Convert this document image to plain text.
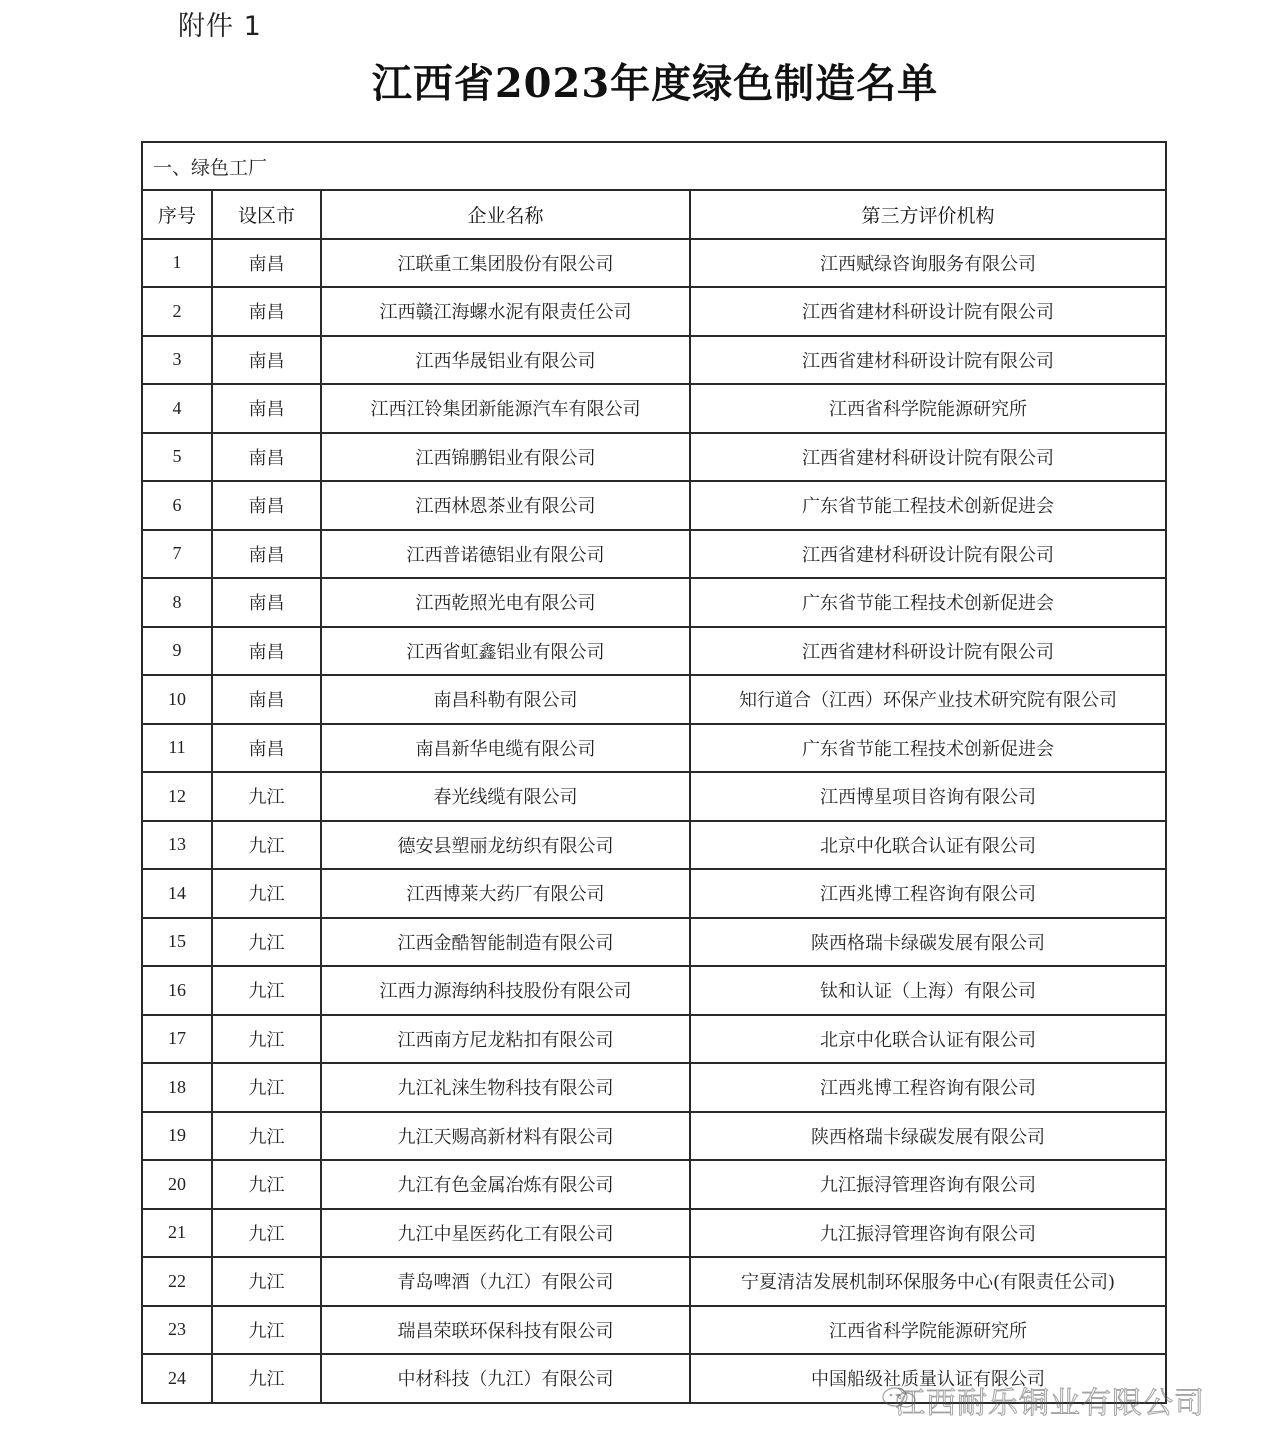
附件 1
江西省2023年度绿色制造名单
一、绿色工厂			
序号	设区市	企业名称	第三方评价机构
1	南昌	江联重工集团股份有限公司	江西赋绿咨询服务有限公司
2	南昌	江西赣江海螺水泥有限责任公司	江西省建材科研设计院有限公司
3	南昌	江西华晟铝业有限公司	江西省建材科研设计院有限公司
4	南昌	江西江铃集团新能源汽车有限公司	江西省科学院能源研究所
5	南昌	江西锦鹏铝业有限公司	江西省建材科研设计院有限公司
6	南昌	江西林恩茶业有限公司	广东省节能工程技术创新促进会
7	南昌	江西普诺德铝业有限公司	江西省建材科研设计院有限公司
8	南昌	江西乾照光电有限公司	广东省节能工程技术创新促进会
9	南昌	江西省虹鑫铝业有限公司	江西省建材科研设计院有限公司
10	南昌	南昌科勒有限公司	知行道合（江西）环保产业技术研究院有限公司
11	南昌	南昌新华电缆有限公司	广东省节能工程技术创新促进会
12	九江	春光线缆有限公司	江西博星项目咨询有限公司
13	九江	德安县塑丽龙纺织有限公司	北京中化联合认证有限公司
14	九江	江西博莱大药厂有限公司	江西兆博工程咨询有限公司
15	九江	江西金酷智能制造有限公司	陕西格瑞卡绿碳发展有限公司
16	九江	江西力源海纳科技股份有限公司	钛和认证（上海）有限公司
17	九江	江西南方尼龙粘扣有限公司	北京中化联合认证有限公司
18	九江	九江礼涞生物科技有限公司	江西兆博工程咨询有限公司
19	九江	九江天赐高新材料有限公司	陕西格瑞卡绿碳发展有限公司
20	九江	九江有色金属冶炼有限公司	九江振浔管理咨询有限公司
21	九江	九江中星医药化工有限公司	九江振浔管理咨询有限公司
22	九江	青岛啤酒（九江）有限公司	宁夏清洁发展机制环保服务中心(有限责任公司)
23	九江	瑞昌荣联环保科技有限公司	江西省科学院能源研究所
24	九江	中材科技（九江）有限公司	中国船级社质量认证有限公司
江西耐乐铜业有限公司
